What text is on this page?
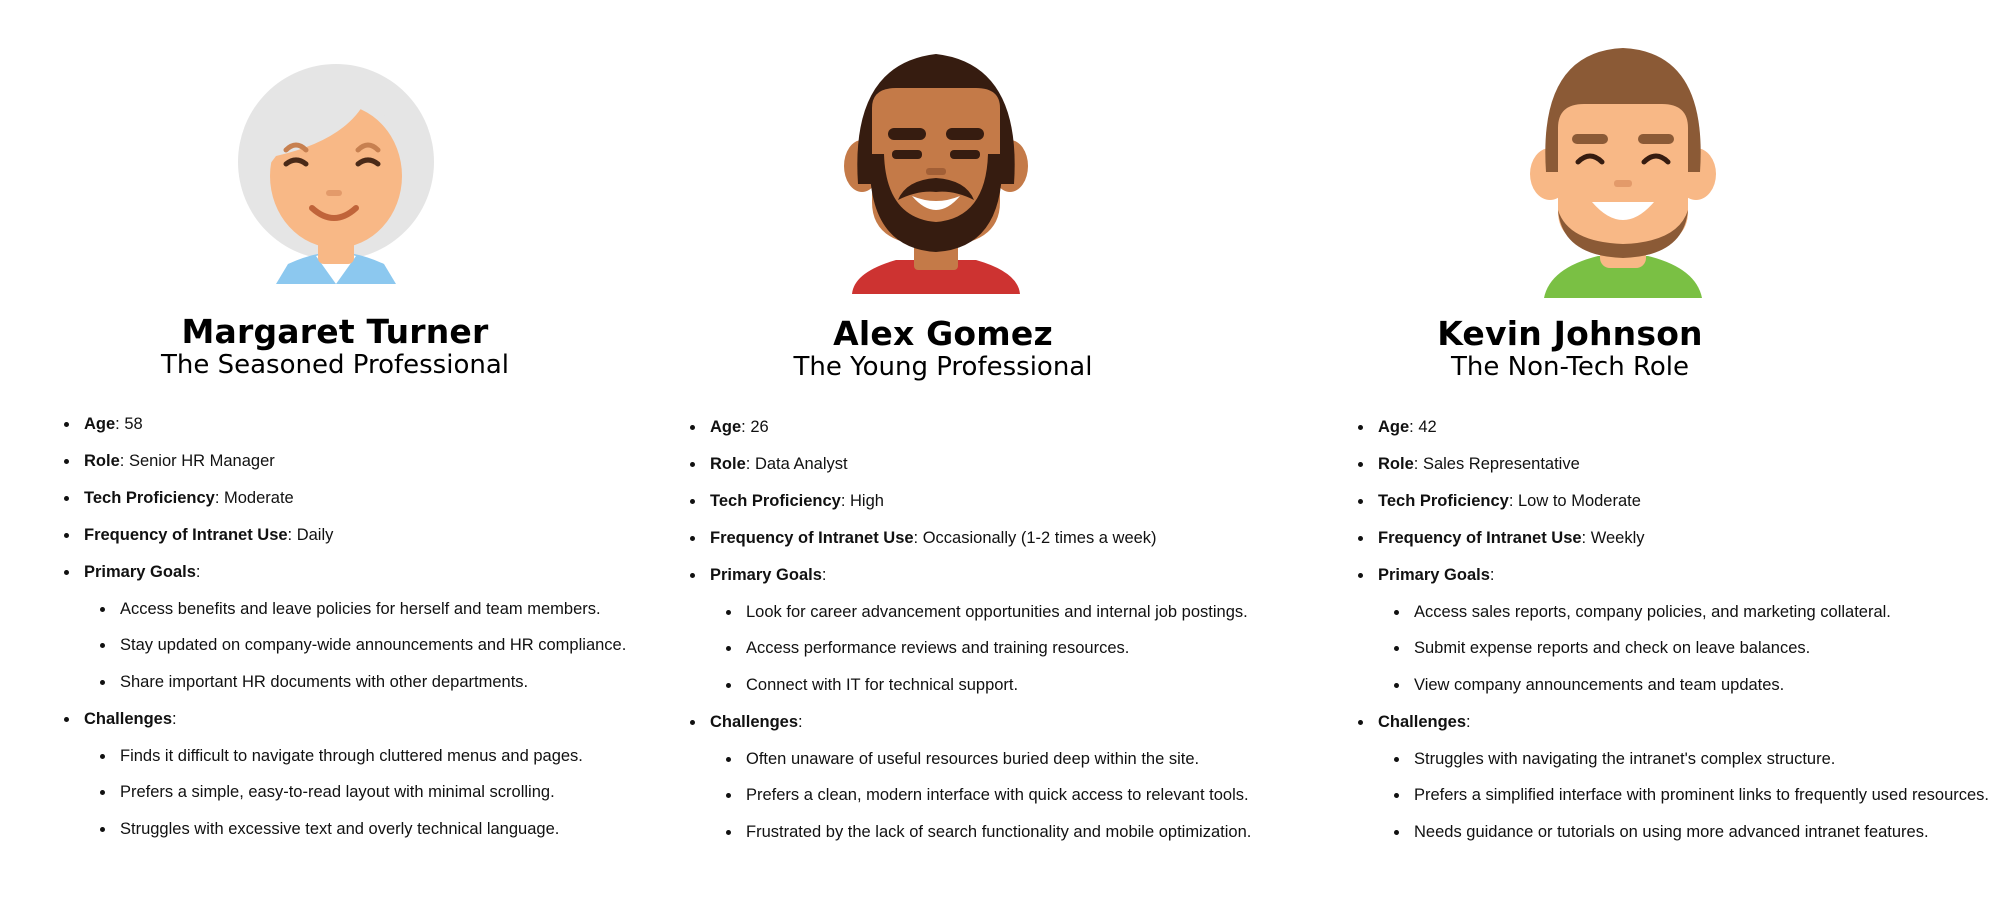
Margaret Turner
The Seasoned Professional
• Age: 58
• Role: Senior HR Manager
• Tech Proficiency: Moderate
• Frequency of Intranet Use: Daily
• Primary Goals:
• Access benefits and leave policies for herself and team members.
• Stay updated on company-wide announcements and HR compliance.
• Share important HR documents with other departments.
• Challenges:
• Finds it difficult to navigate through cluttered menus and pages.
• Prefers a simple, easy-to-read layout with minimal scrolling.
• Struggles with excessive text and overly technical language.
Alex Gomez
The Young Professional
• Age: 26
• Role: Data Analyst
• Tech Proficiency: High
• Frequency of Intranet Use: Occasionally (1-2 times a week)
• Primary Goals:
• Look for career advancement opportunities and internal job postings.
• Access performance reviews and training resources.
• Connect with IT for technical support.
• Challenges:
• Often unaware of useful resources buried deep within the site.
• Prefers a clean, modern interface with quick access to relevant tools.
• Frustrated by the lack of search functionality and mobile optimization.
Kevin Johnson
The Non-Tech Role
• Age: 42
• Role: Sales Representative
• Tech Proficiency: Low to Moderate
• Frequency of Intranet Use: Weekly
• Primary Goals:
• Access sales reports, company policies, and marketing collateral.
• Submit expense reports and check on leave balances.
• View company announcements and team updates.
• Challenges:
• Struggles with navigating the intranet's complex structure.
• Prefers a simplified interface with prominent links to frequently used resources.
• Needs guidance or tutorials on using more advanced intranet features.
